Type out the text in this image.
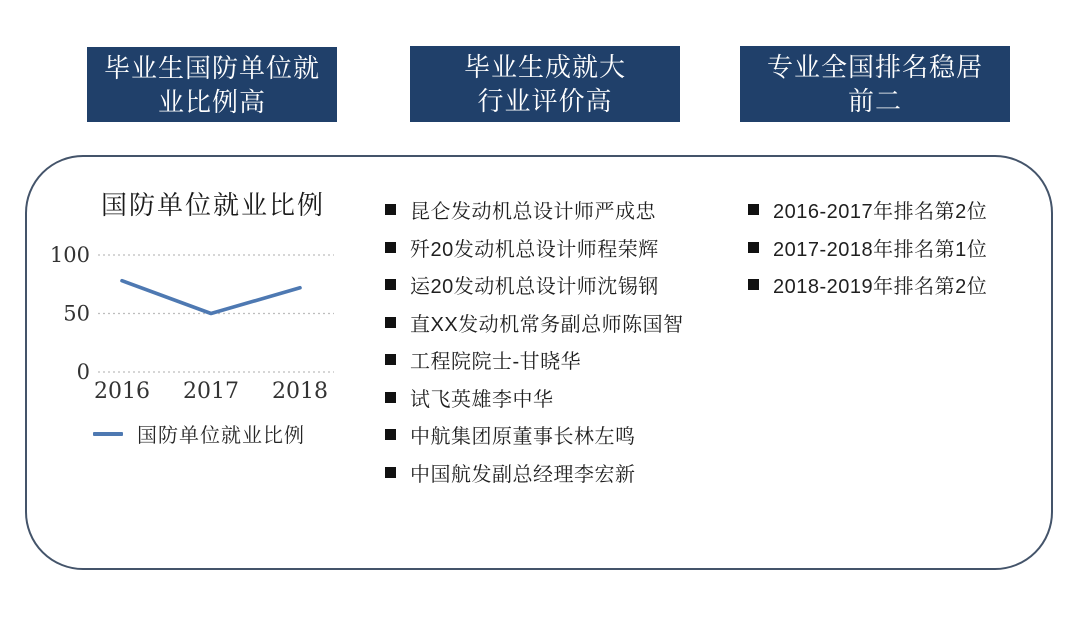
毕业生国防单位就
业比例高
毕业生成就大
行业评价高
专业全国排名稳居
前二
国防单位就业比例
0
50
100
2016 2017 2018
国防单位就业比例
昆仑发动机总设计师严成忠
歼20发动机总设计师程荣辉
运20发动机总设计师沈锡钢
直XX发动机常务副总师陈国智
工程院院士-甘晓华
试飞英雄李中华
中航集团原董事长林左鸣
中国航发副总经理李宏新
2016-2017年排名第2位
2017-2018年排名第1位
2018-2019年排名第2位
